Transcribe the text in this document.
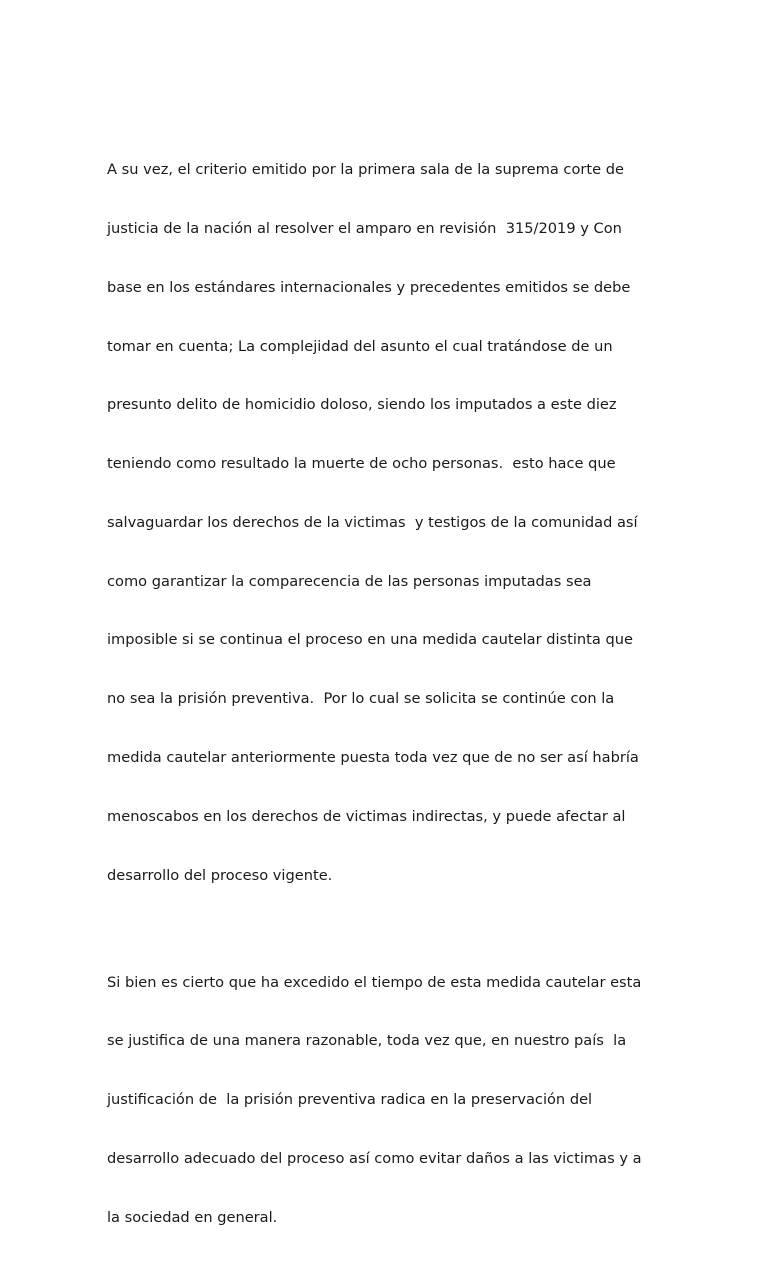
A su vez, el criterio emitido por la primera sala de la suprema corte de

justicia de la nación al resolver el amparo en revisión  315/2019 y Con

base en los estándares internacionales y precedentes emitidos se debe

tomar en cuenta; La complejidad del asunto el cual tratándose de un

presunto delito de homicidio doloso, siendo los imputados a este diez

teniendo como resultado la muerte de ocho personas.  esto hace que

salvaguardar los derechos de la victimas  y testigos de la comunidad así

como garantizar la comparecencia de las personas imputadas sea

imposible si se continua el proceso en una medida cautelar distinta que

no sea la prisión preventiva.  Por lo cual se solicita se continúe con la

medida cautelar anteriormente puesta toda vez que de no ser así habría

menoscabos en los derechos de victimas indirectas, y puede afectar al

desarrollo del proceso vigente.

Si bien es cierto que ha excedido el tiempo de esta medida cautelar esta

se justifica de una manera razonable, toda vez que, en nuestro país  la

justificación de  la prisión preventiva radica en la preservación del

desarrollo adecuado del proceso así como evitar daños a las victimas y a

la sociedad en general.
